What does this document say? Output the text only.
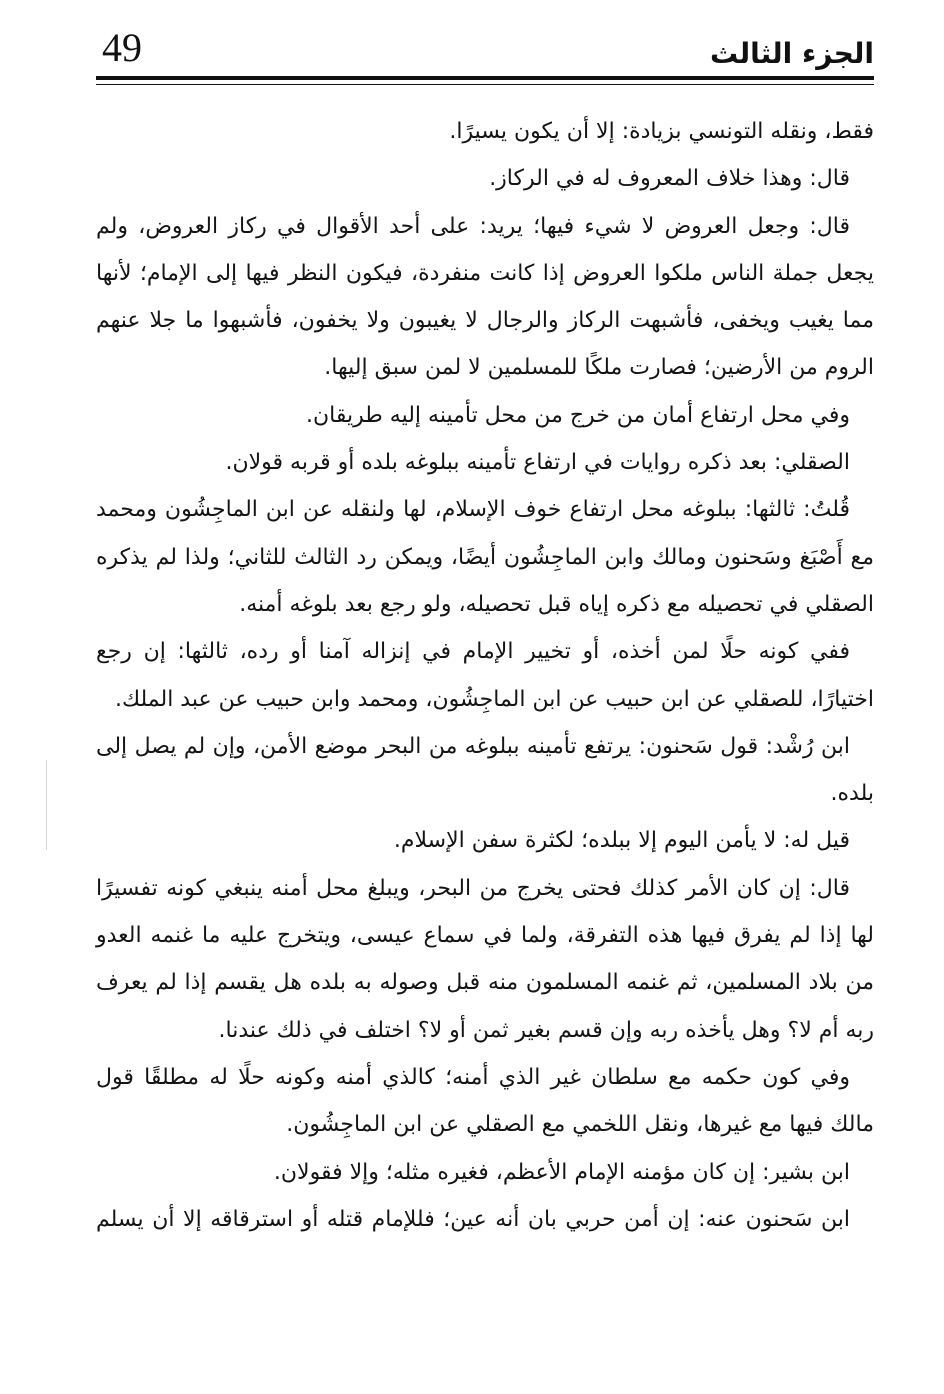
49	الجزء الثالث

فقط، ونقله التونسي بزيادة: إلا أن يكون يسيرًا.

قال: وهذا خلاف المعروف له في الركاز.

قال: وجعل العروض لا شيء فيها؛ يريد: على أحد الأقوال في ركاز العروض، ولم يجعل جملة الناس ملكوا العروض إذا كانت منفردة، فيكون النظر فيها إلى الإمام؛ لأنها مما يغيب ويخفى، فأشبهت الركاز والرجال لا يغيبون ولا يخفون، فأشبهوا ما جلا عنهم الروم من الأرضين؛ فصارت ملكًا للمسلمين لا لمن سبق إليها.

وفي محل ارتفاع أمان من خرج من محل تأمينه إليه طريقان.

الصقلي: بعد ذكره روايات في ارتفاع تأمينه ببلوغه بلده أو قربه قولان.

قُلتُ: ثالثها: ببلوغه محل ارتفاع خوف الإسلام، لها ولنقله عن ابن الماجِشُون ومحمد مع أَصْبَغ وسَحنون ومالك وابن الماجِشُون أيضًا، ويمكن رد الثالث للثاني؛ ولذا لم يذكره الصقلي في تحصيله مع ذكره إياه قبل تحصيله، ولو رجع بعد بلوغه أمنه.

ففي كونه حلًا لمن أخذه، أو تخيير الإمام في إنزاله آمنا أو رده، ثالثها: إن رجع اختيارًا، للصقلي عن ابن حبيب عن ابن الماجِشُون، ومحمد وابن حبيب عن عبد الملك.

ابن رُشْد: قول سَحنون: يرتفع تأمينه ببلوغه من البحر موضع الأمن، وإن لم يصل إلى بلده.

قيل له: لا يأمن اليوم إلا ببلده؛ لكثرة سفن الإسلام.

قال: إن كان الأمر كذلك فحتى يخرج من البحر، ويبلغ محل أمنه ينبغي كونه تفسيرًا لها إذا لم يفرق فيها هذه التفرقة، ولما في سماع عيسى، ويتخرج عليه ما غنمه العدو من بلاد المسلمين، ثم غنمه المسلمون منه قبل وصوله به بلده هل يقسم إذا لم يعرف ربه أم لا؟ وهل يأخذه ربه وإن قسم بغير ثمن أو لا؟ اختلف في ذلك عندنا.

وفي كون حكمه مع سلطان غير الذي أمنه؛ كالذي أمنه وكونه حلًا له مطلقًا قول مالك فيها مع غيرها، ونقل اللخمي مع الصقلي عن ابن الماجِشُون.

ابن بشير: إن كان مؤمنه الإمام الأعظم، فغيره مثله؛ وإلا فقولان.

ابن سَحنون عنه: إن أمن حربي بان أنه عين؛ فللإمام قتله أو استرقاقه إلا أن يسلم
